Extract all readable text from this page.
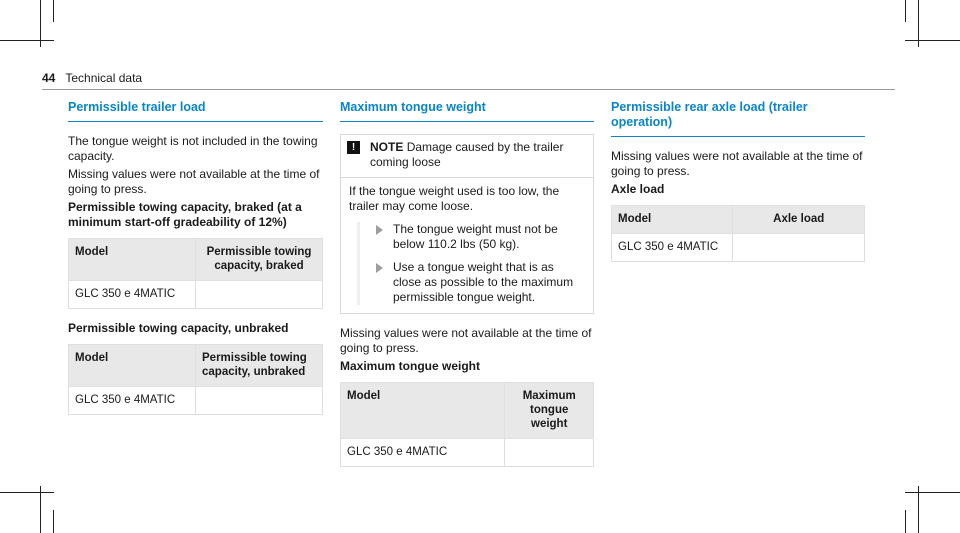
44 Technical data
Permissible trailer load

The tongue weight is not included in the towing capacity.

Missing values were not available at the time of going to press.

Permissible towing capacity, braked (at a minimum start-off gradeability of 12%)

Model	Permissible towing capacity, braked
GLC 350 e 4MATIC	

Permissible towing capacity, unbraked

Model	Permissible towing capacity, unbraked
GLC 350 e 4MATIC	
Maximum tongue weight
!	NOTE Damage caused by the trailer coming loose
If the tongue weight used is too low, the trailer may come loose.
The tongue weight must not be below 110.2 lbs (50 kg).
Use a tongue weight that is as close as possible to the maximum permissible tongue weight.

Missing values were not available at the time of going to press.

Maximum tongue weight

Model	Maximum tongue weight
GLC 350 e 4MATIC	
Permissible rear axle load (trailer operation)

Missing values were not available at the time of going to press.

Axle load

Model	Axle load
GLC 350 e 4MATIC	
